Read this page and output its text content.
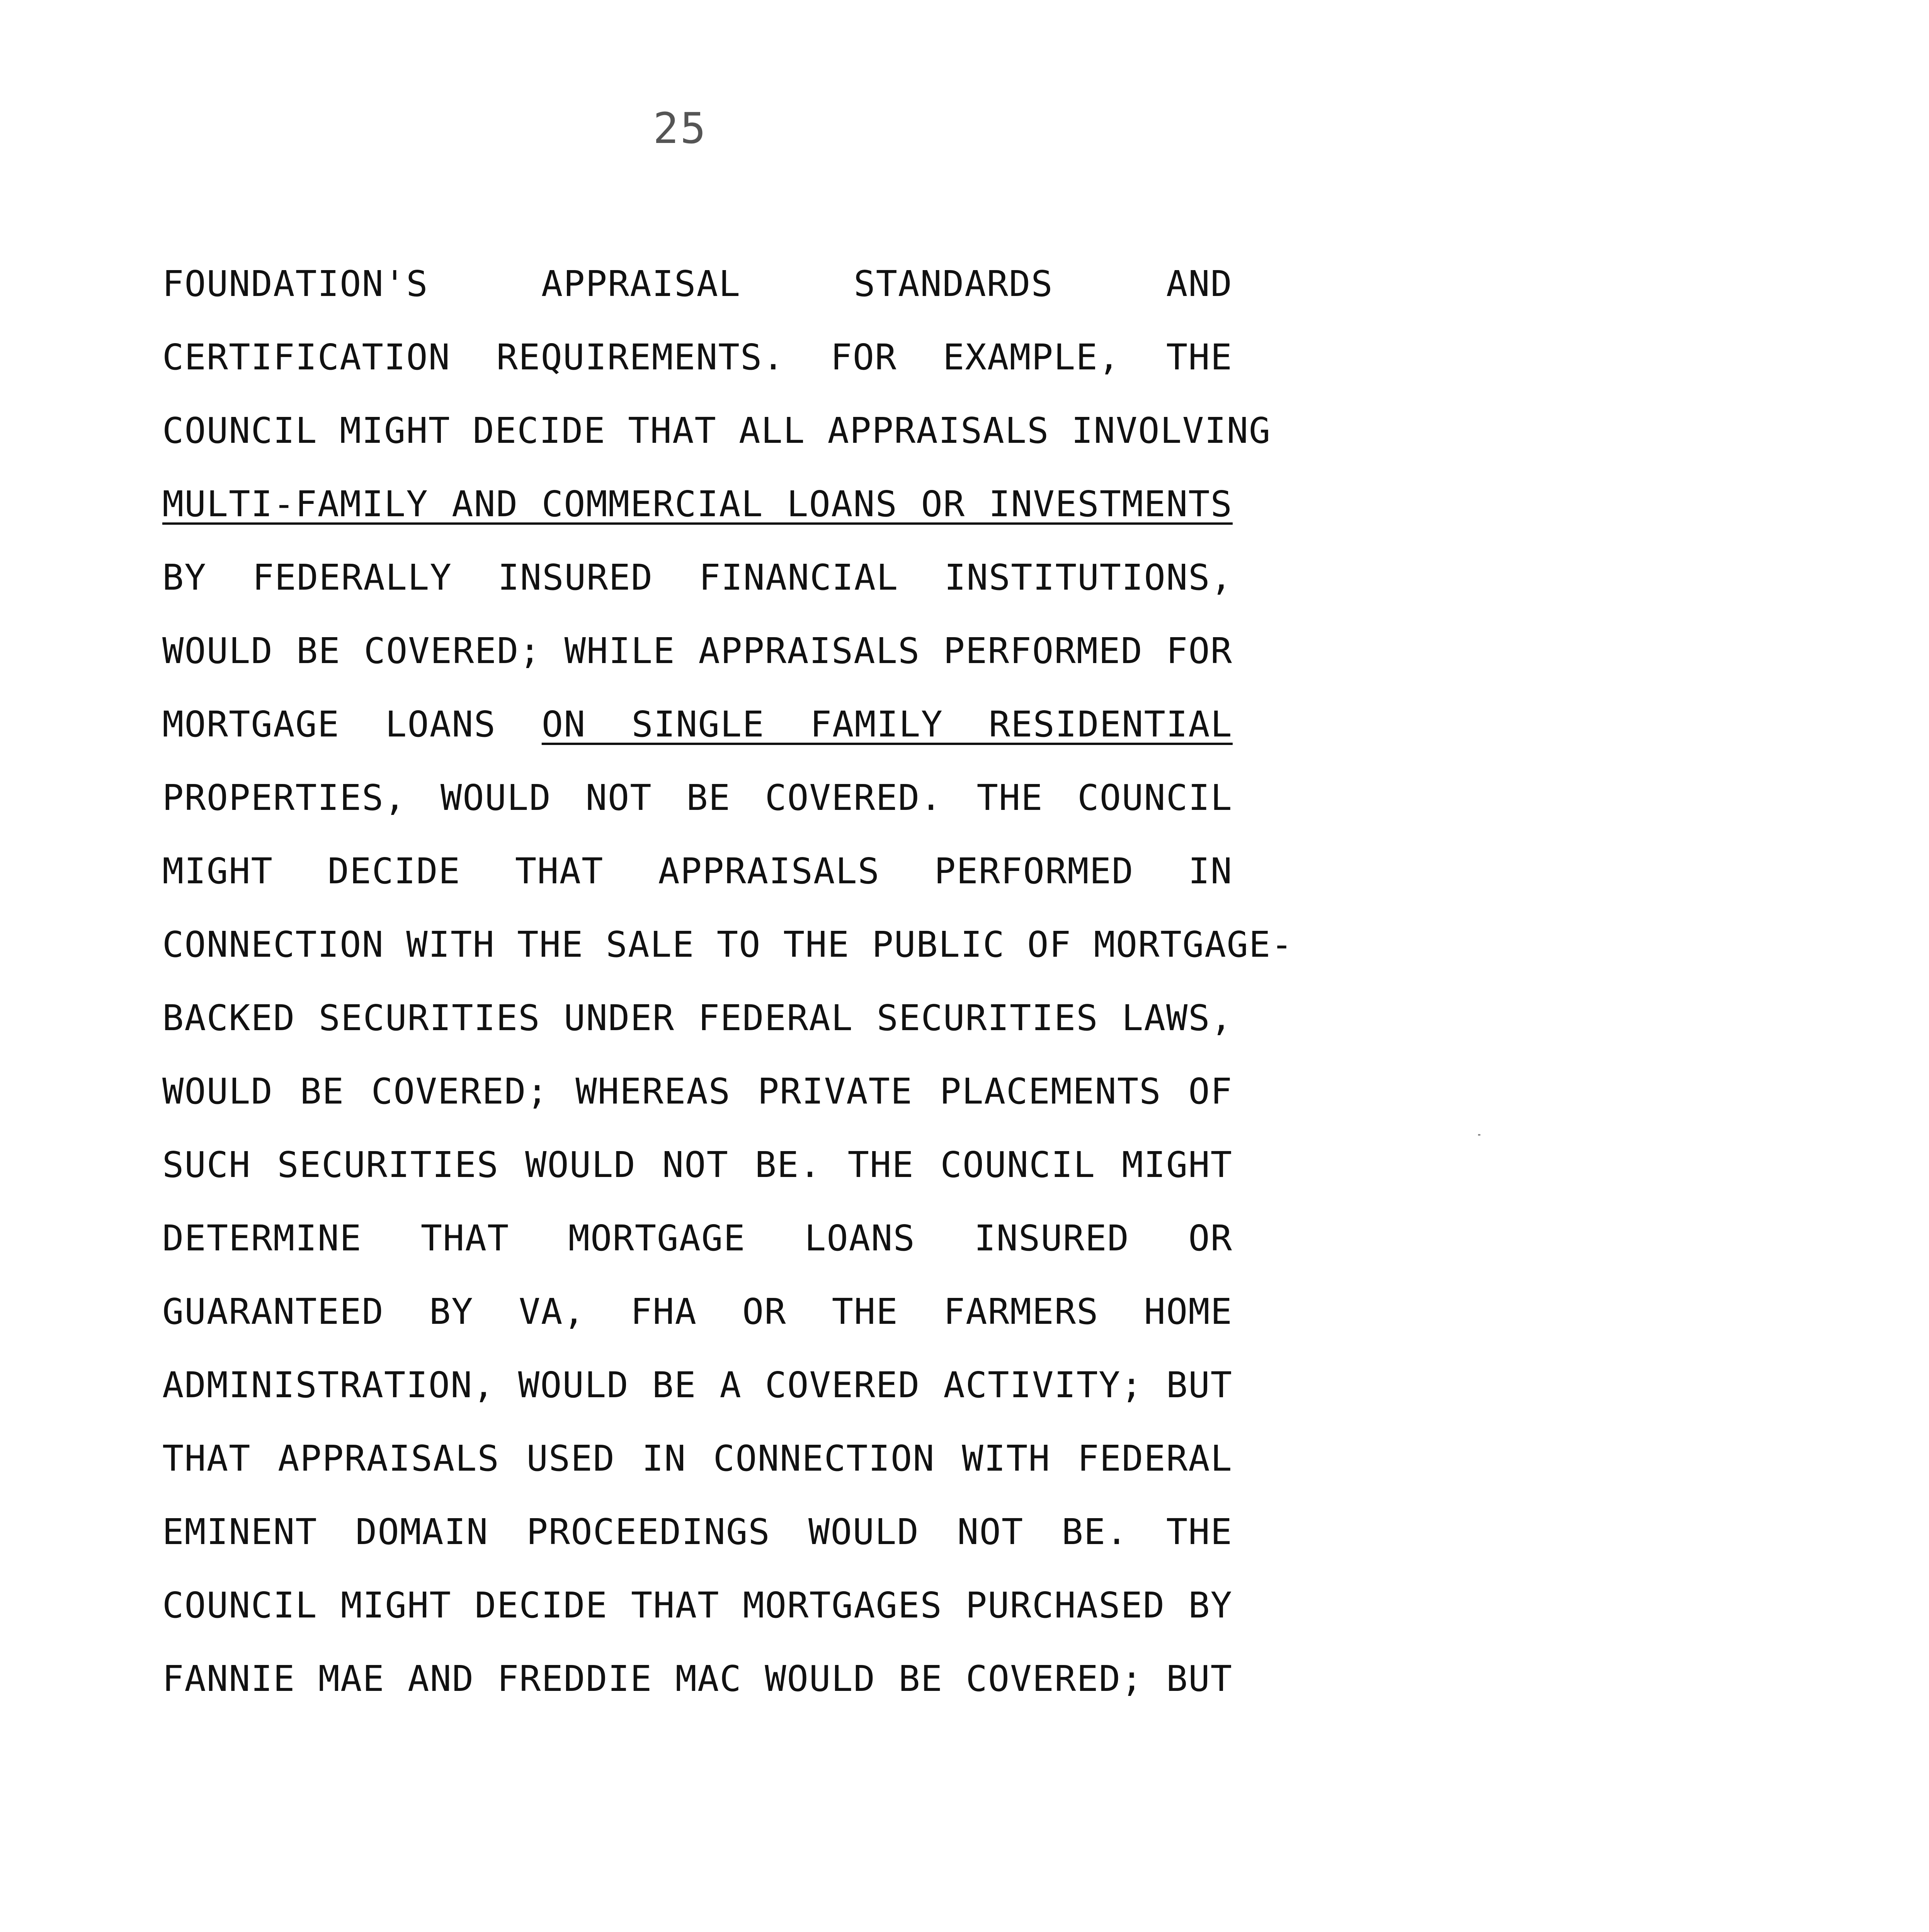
25
FOUNDATION'S APPRAISAL STANDARDS AND
CERTIFICATION REQUIREMENTS. FOR EXAMPLE, THE
COUNCIL MIGHT DECIDE THAT ALL APPRAISALS INVOLVING
MULTI-FAMILY AND COMMERCIAL LOANS OR INVESTMENTS
BY FEDERALLY INSURED FINANCIAL INSTITUTIONS,
WOULD BE COVERED; WHILE APPRAISALS PERFORMED FOR
MORTGAGE LOANS ON SINGLE FAMILY RESIDENTIAL
PROPERTIES, WOULD NOT BE COVERED. THE COUNCIL
MIGHT DECIDE THAT APPRAISALS PERFORMED IN
CONNECTION WITH THE SALE TO THE PUBLIC OF MORTGAGE-
BACKED SECURITIES UNDER FEDERAL SECURITIES LAWS,
WOULD BE COVERED; WHEREAS PRIVATE PLACEMENTS OF
SUCH SECURITIES WOULD NOT BE. THE COUNCIL MIGHT
DETERMINE THAT MORTGAGE LOANS INSURED OR
GUARANTEED BY VA, FHA OR THE FARMERS HOME
ADMINISTRATION, WOULD BE A COVERED ACTIVITY; BUT
THAT APPRAISALS USED IN CONNECTION WITH FEDERAL
EMINENT DOMAIN PROCEEDINGS WOULD NOT BE. THE
COUNCIL MIGHT DECIDE THAT MORTGAGES PURCHASED BY
FANNIE MAE AND FREDDIE MAC WOULD BE COVERED; BUT
